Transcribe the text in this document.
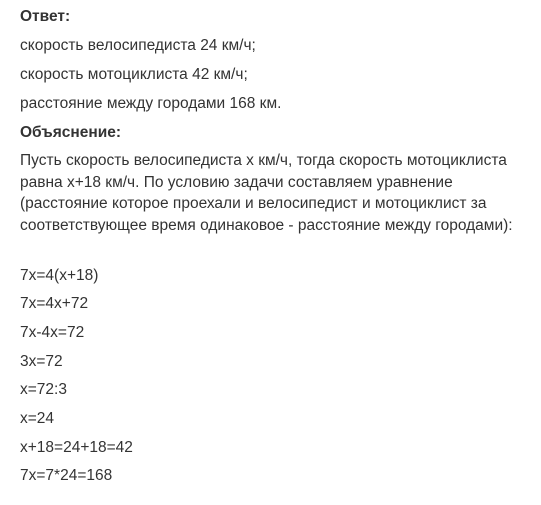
Ответ:
скорость велосипедиста 24 км/ч;
скорость мотоциклиста 42 км/ч;
расстояние между городами 168 км.
Объяснение:
Пусть скорость велосипедиста х км/ч, тогда скорость мотоциклиста равна х+18 км/ч. По условию задачи составляем уравнение (расстояние которое проехали и велосипедист и мотоциклист за соответствующее время одинаковое - расстояние между городами):
7x=4(x+18)
7x=4x+72
7x-4x=72
3x=72
x=72:3
x=24
x+18=24+18=42
7x=7*24=168
